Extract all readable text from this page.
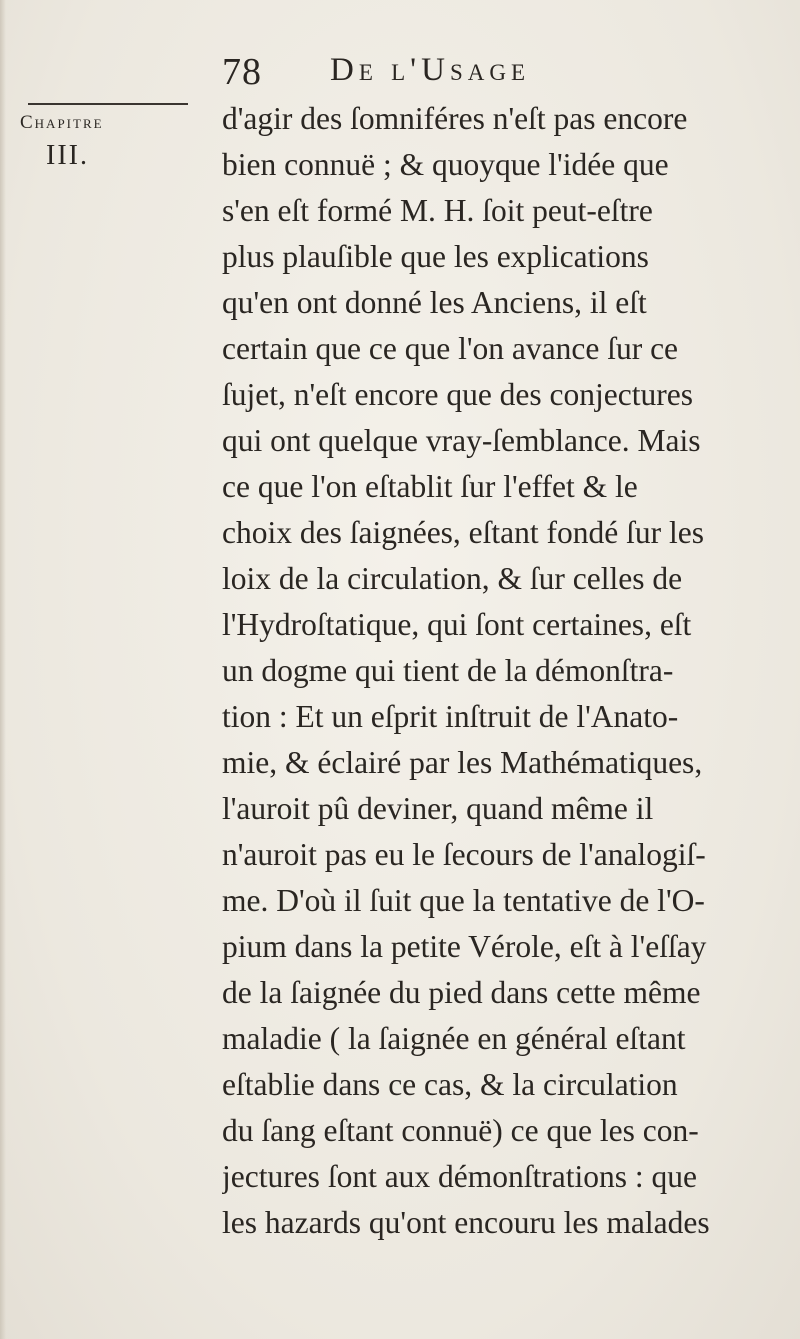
78 De l'Usage
Chapitre
III.
d'agir des ſomniféres n'eſt pas encore
bien connuë ; & quoyque l'idée que
s'en eſt formé M. H. ſoit peut-eſtre
plus plauſible que les explications
qu'en ont donné les Anciens, il eſt
certain que ce que l'on avance ſur ce
ſujet, n'eſt encore que des conjectures
qui ont quelque vray-ſemblance. Mais
ce que l'on eſtablit ſur l'effet & le
choix des ſaignées, eſtant fondé ſur les
loix de la circulation, & ſur celles de
l'Hydroſtatique, qui ſont certaines, eſt
un dogme qui tient de la démonſtra-
tion : Et un eſprit inſtruit de l'Anato-
mie, & éclairé par les Mathématiques,
l'auroit pû deviner, quand même il
n'auroit pas eu le ſecours de l'analogiſ-
me. D'où il ſuit que la tentative de l'O-
pium dans la petite Vérole, eſt à l'eſſay
de la ſaignée du pied dans cette même
maladie ( la ſaignée en général eſtant
eſtablie dans ce cas, & la circulation
du ſang eſtant connuë) ce que les con-
jectures ſont aux démonſtrations : que
les hazards qu'ont encouru les malades
